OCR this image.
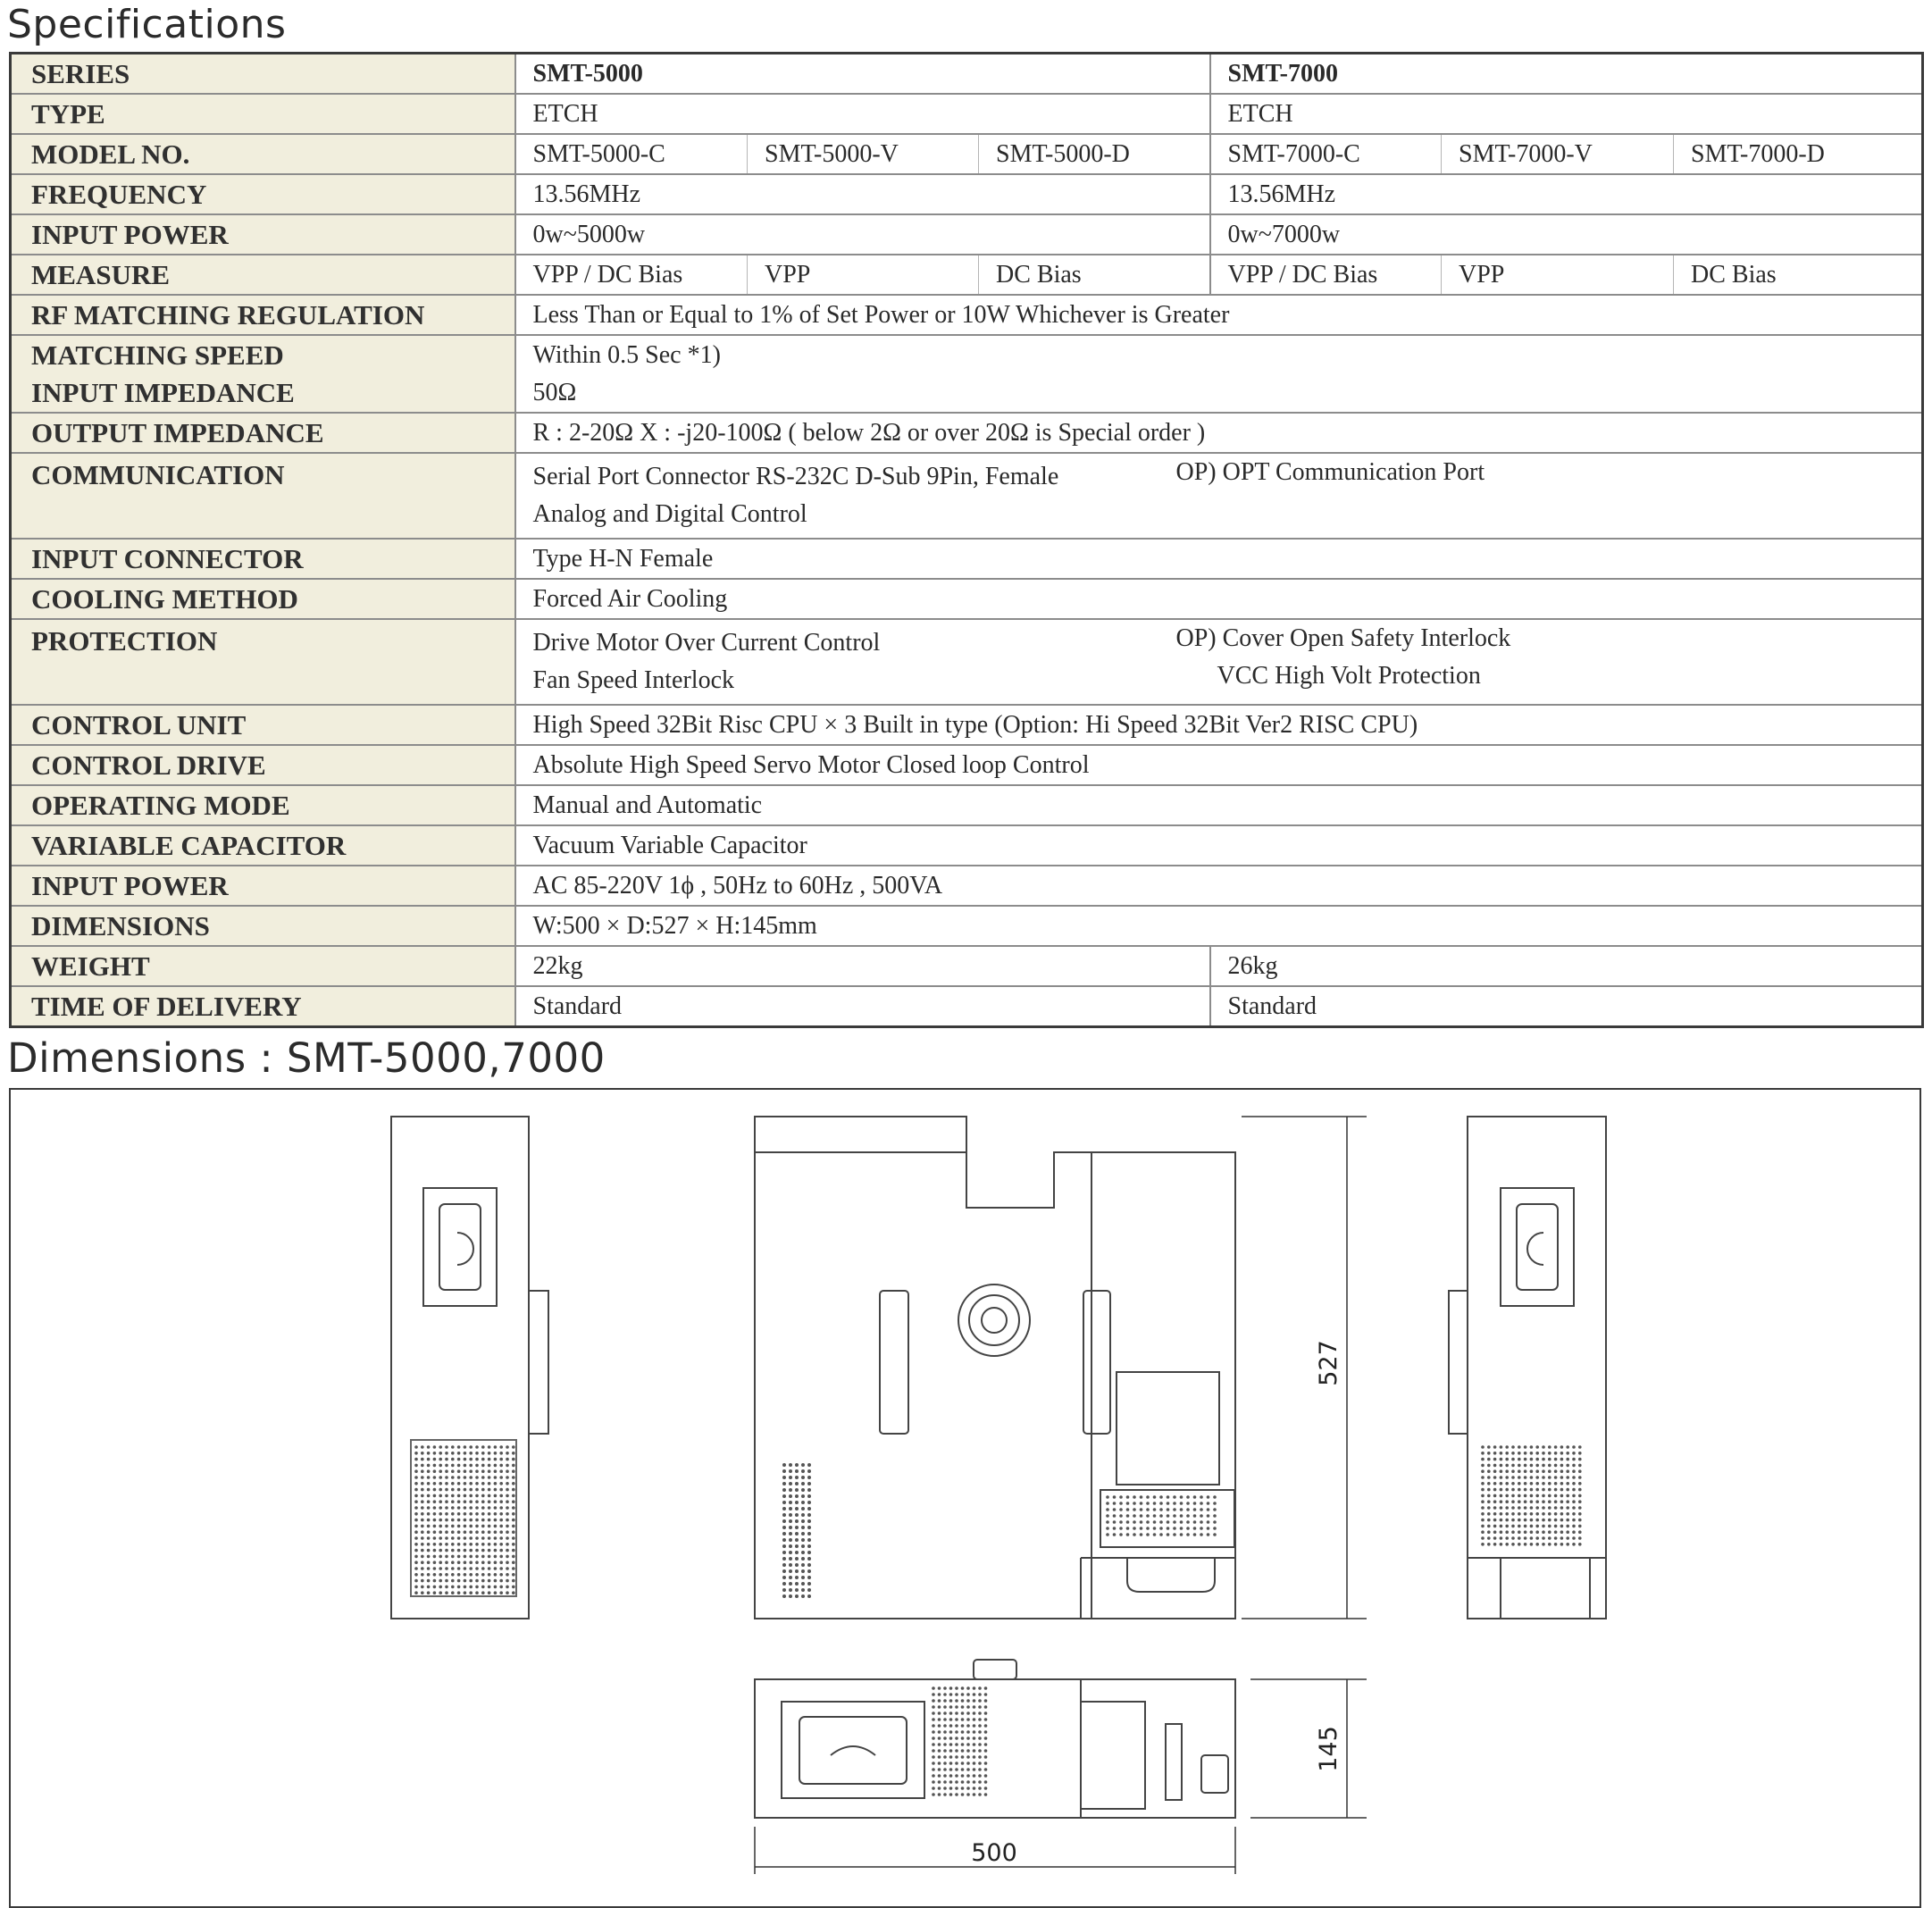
Specifications
SERIES	SMT-5000			SMT-7000		
TYPE	ETCH			ETCH		
MODEL NO.	SMT-5000-C	SMT-5000-V	SMT-5000-D	SMT-7000-C	SMT-7000-V	SMT-7000-D
FREQUENCY	13.56MHz			13.56MHz		
INPUT POWER	0w~5000w			0w~7000w		
MEASURE	VPP / DC Bias	VPP	DC Bias	VPP / DC Bias	VPP	DC Bias
RF MATCHING REGULATION	Less Than or Equal to 1% of Set Power or 10W Whichever is Greater					
MATCHING SPEED	Within 0.5 Sec *1)					
INPUT IMPEDANCE	50Ω					
OUTPUT IMPEDANCE	R : 2-20Ω X : -j20-100Ω ( below 2Ω or over 20Ω is Special order )					
COMMUNICATION	Serial Port Connector RS-232C D-Sub 9Pin, Female OP) OPT Communication Port
Analog and Digital Control					

INPUT CONNECTOR	Type H-N Female					
COOLING METHOD	Forced Air Cooling					
PROTECTION	Drive Motor Over Current Control OP) Cover Open Safety Interlock
Fan Speed Interlock VCC High Volt Protection					

CONTROL UNIT	High Speed 32Bit Risc CPU × 3 Built in type (Option: Hi Speed 32Bit Ver2 RISC CPU)					
CONTROL DRIVE	Absolute High Speed Servo Motor Closed loop Control					
OPERATING MODE	Manual and Automatic					
VARIABLE CAPACITOR	Vacuum Variable Capacitor					
INPUT POWER	AC 85-220V 1ϕ , 50Hz to 60Hz , 500VA					
DIMENSIONS	W:500 × D:527 × H:145mm					
WEIGHT	22kg			26kg		
TIME OF DELIVERY	Standard			Standard		
Dimensions : SMT-5000,7000
527
145
500
